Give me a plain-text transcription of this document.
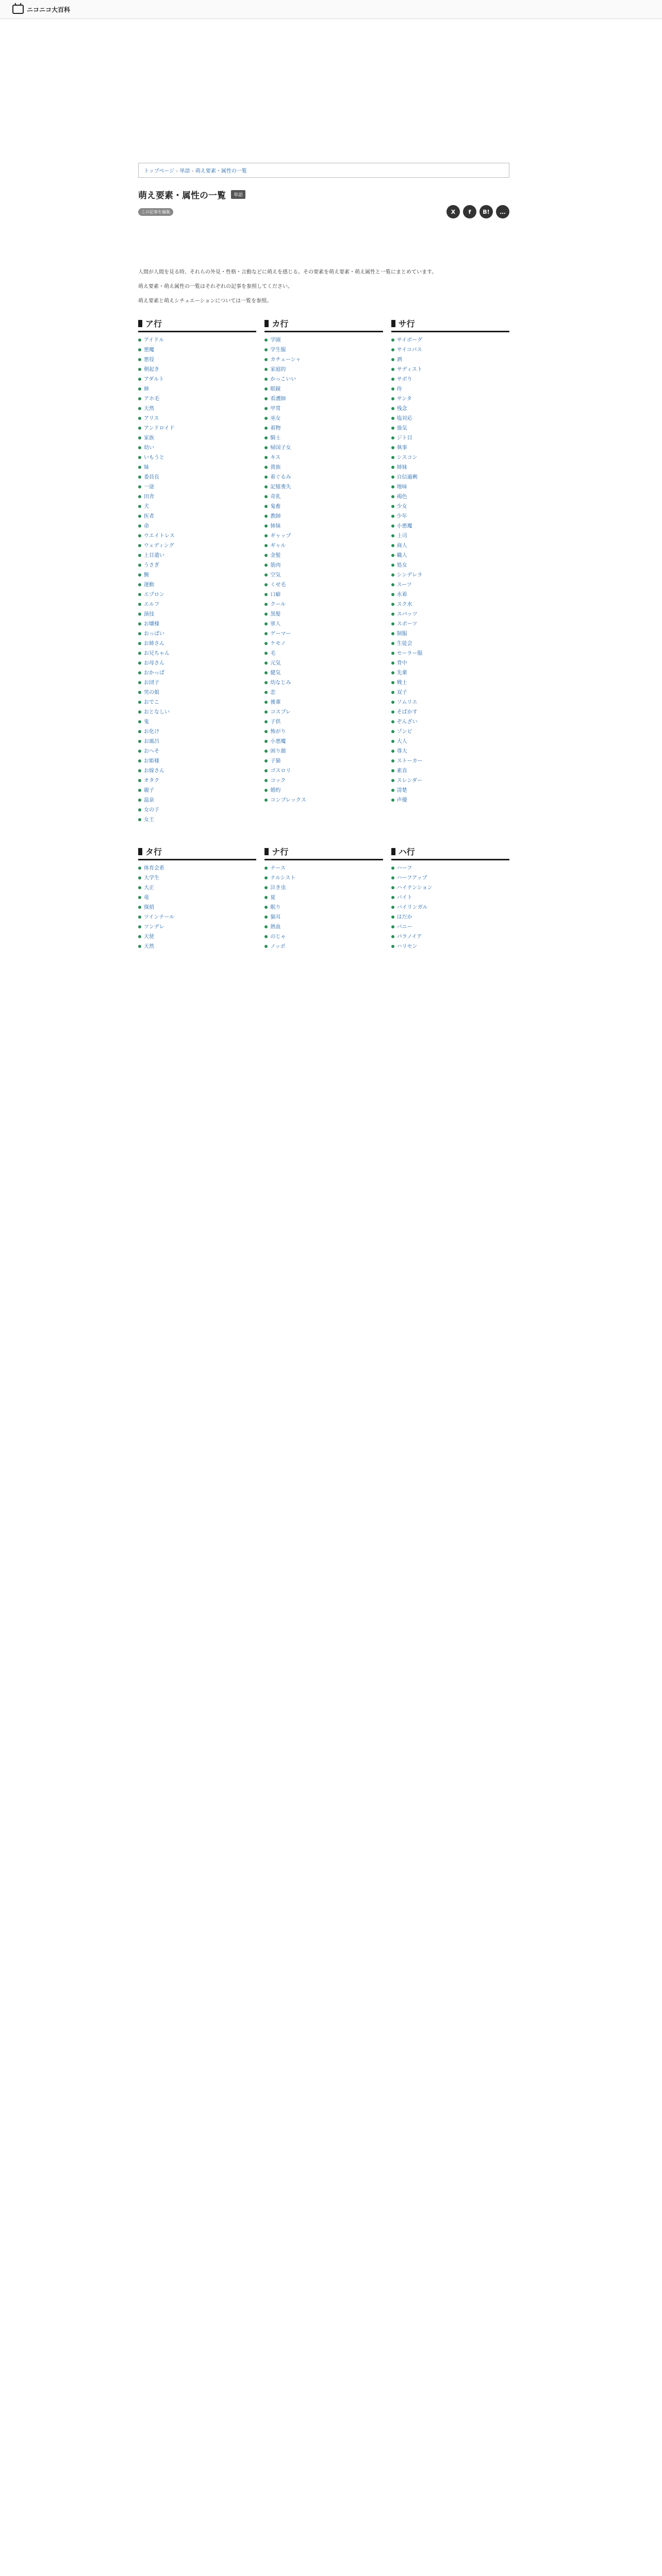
ニコニコ大百科
トップページ › 単語 › 萌え要素・属性の一覧
萌え要素・属性の一覧	単語
この記事を編集	X	f	B!	…

人間が人間を見る時、それらの外見・性格・言動などに萌えを感じる。その要素を萌え要素・萌え属性と一覧にまとめています。

萌え要素・萌え属性の一覧はそれぞれの記事を参照してください。

萌え要素と萌えシチュエーションについては一覧を参照。

ア行
アイドル
悪魔
悪役
朝起き
アダルト
姉
アホ毛
天然
アリス
アンドロイド
家族
幼い
いもうと
妹
委員長
一途
田舎
犬
医者
命
ウエイトレス
ウェディング
上目遣い
うさぎ
腕
運動
エプロン
エルフ
演技
お嬢様
おっぱい
お姉さん
お兄ちゃん
お母さん
おかっぱ
お団子
男の娘
おでこ
おとなしい
鬼
お化け
お風呂
おへそ
お姫様
お嫁さん
オタク
親子
温泉
女の子
女王
カ行
学園
学生服
カチューシャ
家庭的
かっこいい
眼鏡
看護師
甲冑
巫女
着物
騎士
帰国子女
キス
貴族
着ぐるみ
記憶喪失
奇乳
鬼畜
教師
姉妹
ギャップ
ギャル
金髪
筋肉
空気
くせ毛
口癖
クール
黒髪
軍人
ゲーマー
ケモノ
毛
元気
健気
幼なじみ
恋
後輩
コスプレ
子供
怖がり
小悪魔
困り顔
子猫
ゴスロリ
コック
婚約
コンプレックス
サ行
サイボーグ
サイコパス
酒
サディスト
サボり
侍
サンタ
残念
塩対応
強気
ジト目
執事
シスコン
姉妹
自信過剰
地味
褐色
少女
少年
小悪魔
上司
商人
職人
処女
シンデレラ
スーツ
水着
スク水
スパッツ
スポーツ
制服
生徒会
セーラー服
背中
先輩
戦士
双子
ソムリエ
そばかす
ぞんざい
ゾンビ
大人
尊大
ストーカー
素直
スレンダー
清楚
声優
タ行
体育会系
大学生
大正
竜
探偵
ツインテール
ツンデレ
天使
天然
ナ行
ナース
ナルシスト
泣き虫
夏
眠り
猫耳
熱血
のじゃ
ノッポ
ハ行
ハーフ
ハーフアップ
ハイテンション
バイト
バイリンガル
はだか
バニー
パラノイア
ハリセン
